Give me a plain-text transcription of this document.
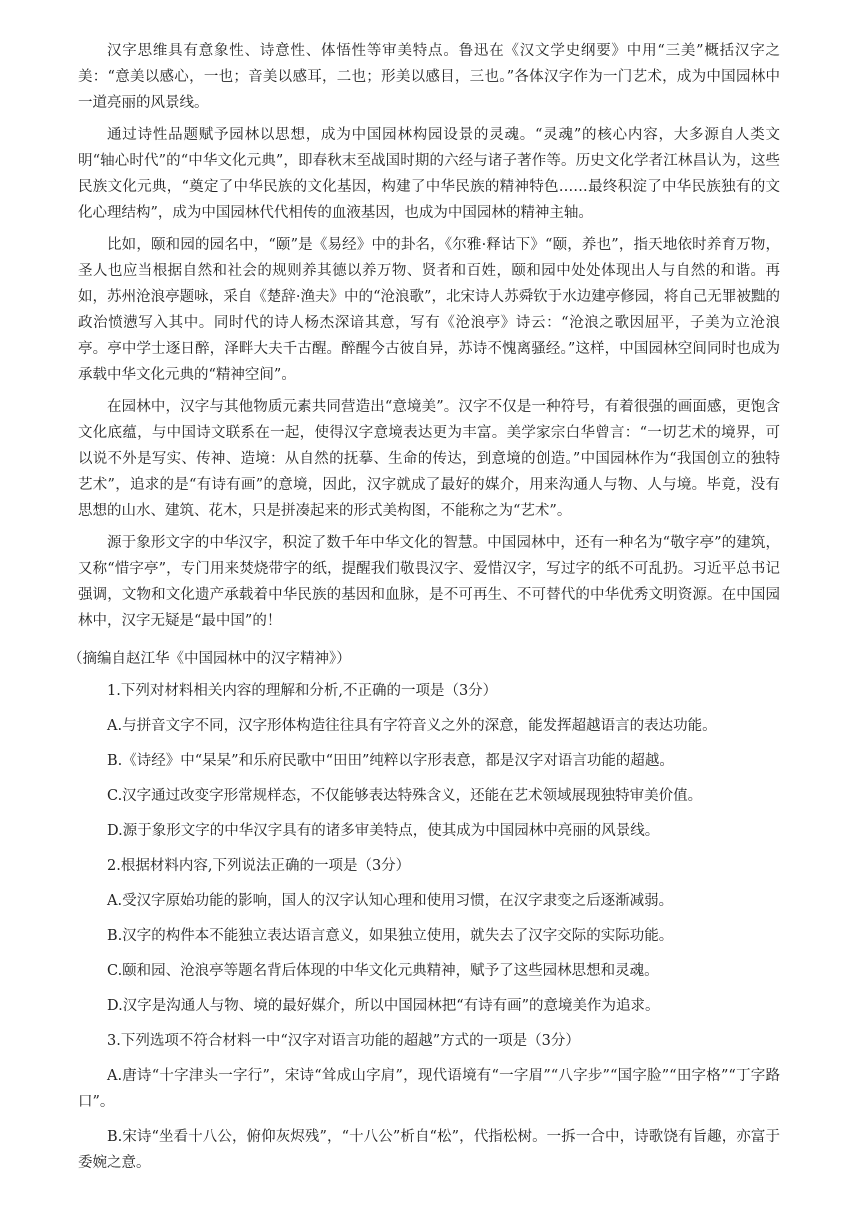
汉字思维具有意象性、诗意性、体悟性等审美特点。鲁迅在《汉文学史纲要》中用“三美”概括汉字之美：“意美以感心，一也；音美以感耳，二也；形美以感目，三也。”各体汉字作为一门艺术，成为中国园林中一道亮丽的风景线。

通过诗性品题赋予园林以思想，成为中国园林构园设景的灵魂。“灵魂”的核心内容，大多源自人类文明“轴心时代”的“中华文化元典”，即春秋末至战国时期的六经与诸子著作等。历史文化学者江林昌认为，这些民族文化元典，“奠定了中华民族的文化基因，构建了中华民族的精神特色……最终积淀了中华民族独有的文化心理结构”，成为中国园林代代相传的血液基因，也成为中国园林的精神主轴。

比如，颐和园的园名中，“颐”是《易经》中的卦名，《尔雅·释诂下》“颐，养也”，指天地依时养育万物，圣人也应当根据自然和社会的规则养其德以养万物、贤者和百姓，颐和园中处处体现出人与自然的和谐。再如，苏州沧浪亭题咏，采自《楚辞·渔夫》中的“沧浪歌”，北宋诗人苏舜钦于水边建亭修园，将自己无罪被黜的政治愤懑写入其中。同时代的诗人杨杰深谙其意，写有《沧浪亭》诗云：“沧浪之歌因屈平，子美为立沧浪亭。亭中学士逐日醉，泽畔大夫千古醒。醉醒今古彼自异，苏诗不愧离骚经。”这样，中国园林空间同时也成为承载中华文化元典的“精神空间”。

在园林中，汉字与其他物质元素共同营造出“意境美”。汉字不仅是一种符号，有着很强的画面感，更饱含文化底蕴，与中国诗文联系在一起，使得汉字意境表达更为丰富。美学家宗白华曾言：“一切艺术的境界，可以说不外是写实、传神、造境：从自然的抚摹、生命的传达，到意境的创造。”中国园林作为“我国创立的独特艺术”，追求的是“有诗有画”的意境，因此，汉字就成了最好的媒介，用来沟通人与物、人与境。毕竟，没有思想的山水、建筑、花木，只是拼凑起来的形式美构图，不能称之为“艺术”。

源于象形文字的中华汉字，积淀了数千年中华文化的智慧。中国园林中，还有一种名为“敬字亭”的建筑，又称“惜字亭”，专门用来焚烧带字的纸，提醒我们敬畏汉字、爱惜汉字，写过字的纸不可乱扔。习近平总书记强调，文物和文化遗产承载着中华民族的基因和血脉，是不可再生、不可替代的中华优秀文明资源。在中国园林中，汉字无疑是“最中国”的！

（摘编自赵江华《中国园林中的汉字精神》）

1.下列对材料相关内容的理解和分析,不正确的一项是（3分）

A.与拼音文字不同，汉字形体构造往往具有字符音义之外的深意，能发挥超越语言的表达功能。

B.《诗经》中“杲杲”和乐府民歌中“田田”纯粹以字形表意，都是汉字对语言功能的超越。

C.汉字通过改变字形常规样态，不仅能够表达特殊含义，还能在艺术领域展现独特审美价值。

D.源于象形文字的中华汉字具有的诸多审美特点，使其成为中国园林中亮丽的风景线。

2.根据材料内容,下列说法正确的一项是（3分）

A.受汉字原始功能的影响，国人的汉字认知心理和使用习惯，在汉字隶变之后逐渐减弱。

B.汉字的构件本不能独立表达语言意义，如果独立使用，就失去了汉字交际的实际功能。

C.颐和园、沧浪亭等题名背后体现的中华文化元典精神，赋予了这些园林思想和灵魂。

D.汉字是沟通人与物、境的最好媒介，所以中国园林把“有诗有画”的意境美作为追求。

3.下列选项不符合材料一中“汉字对语言功能的超越”方式的一项是（3分）

A.唐诗“十字津头一字行”，宋诗“耸成山字肩”，现代语境有“一字眉”“八字步”“国字脸”“田字格”“丁字路口”。

B.宋诗“坐看十八公，俯仰灰烬残”，“十八公”析自“松”，代指松树。一拆一合中，诗歌饶有旨趣，亦富于委婉之意。
